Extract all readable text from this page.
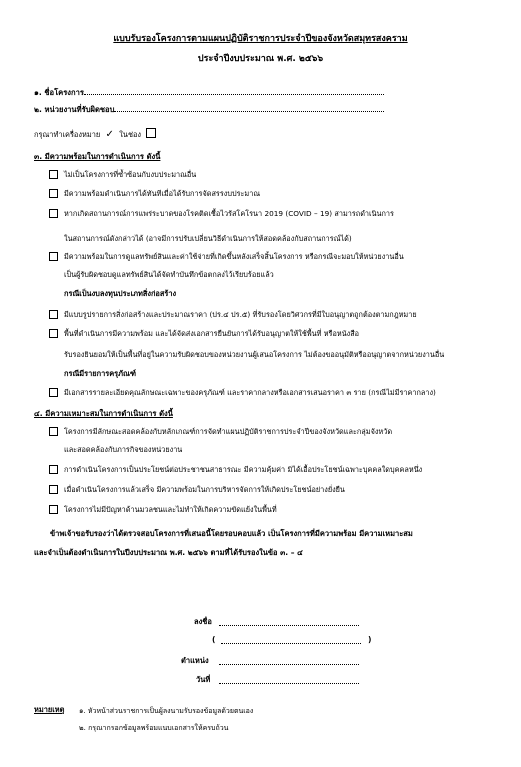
แบบรับรองโครงการตามแผนปฏิบัติราชการประจำปีของจังหวัดสมุทรสงคราม
ประจำปีงบประมาณ พ.ศ. ๒๕๖๖
๑. ชื่อโครงการ
๒. หน่วยงานที่รับผิดชอบ
กรุณาทำเครื่องหมาย ✓ ในช่อง
๓. มีความพร้อมในการดำเนินการ ดังนี้
ไม่เป็นโครงการที่ซ้ำซ้อนกับงบประมาณอื่น
มีความพร้อมดำเนินการได้ทันทีเมื่อได้รับการจัดสรรงบประมาณ
หากเกิดสถานการณ์การแพร่ระบาดของโรคติดเชื้อไวรัสโคโรนา 2019 (COVID – 19) สามารถดำเนินการ
ในสถานการณ์ดังกล่าวได้ (อาจมีการปรับเปลี่ยนวิธีดำเนินการให้สอดคล้องกับสถานการณ์ได้)
มีความพร้อมในการดูแลทรัพย์สินและค่าใช้จ่ายที่เกิดขึ้นหลังเสร็จสิ้นโครงการ หรือกรณีจะมอบให้หน่วยงานอื่น
เป็นผู้รับผิดชอบดูแลทรัพย์สินได้จัดทำบันทึกข้อตกลงไว้เรียบร้อยแล้ว
กรณีเป็นงบลงทุนประเภทสิ่งก่อสร้าง
มีแบบรูปรายการสิ่งก่อสร้างและประมาณราคา (ปร.๔ ปร.๕) ที่รับรองโดยวิศวกรที่มีใบอนุญาตถูกต้องตามกฎหมาย
พื้นที่ดำเนินการมีความพร้อม และได้จัดส่งเอกสารยืนยันการได้รับอนุญาตให้ใช้พื้นที่ หรือหนังสือ
รับรองยินยอมให้เป็นพื้นที่อยู่ในความรับผิดชอบของหน่วยงานผู้เสนอโครงการ ไม่ต้องขออนุมัติหรืออนุญาตจากหน่วยงานอื่น
กรณีมีรายการครุภัณฑ์
มีเอกสารรายละเอียดคุณลักษณะเฉพาะของครุภัณฑ์ และราคากลางหรือเอกสารเสนอราคา ๓ ราย (กรณีไม่มีราคากลาง)
๔. มีความเหมาะสมในการดำเนินการ ดังนี้
โครงการมีลักษณะสอดคล้องกับหลักเกณฑ์การจัดทำแผนปฏิบัติราชการประจำปีของจังหวัดและกลุ่มจังหวัด
และสอดคล้องกับภารกิจของหน่วยงาน
การดำเนินโครงการเป็นประโยชน์ต่อประชาชนสาธารณะ มีความคุ้มค่า มิได้เอื้อประโยชน์เฉพาะบุคคลใดบุคคลหนึ่ง
เมื่อดำเนินโครงการแล้วเสร็จ มีความพร้อมในการบริหารจัดการให้เกิดประโยชน์อย่างยั่งยืน
โครงการไม่มีปัญหาด้านมวลชนและไม่ทำให้เกิดความขัดแย้งในพื้นที่
ข้าพเจ้าขอรับรองว่าได้ตรวจสอบโครงการที่เสนอนี้โดยรอบคอบแล้ว เป็นโครงการที่มีความพร้อม มีความเหมาะสม
และจำเป็นต้องดำเนินการในปีงบประมาณ พ.ศ. ๒๕๖๖ ตามที่ได้รับรองในข้อ ๓. – ๔
ลงชื่อ
(	)
ตำแหน่ง
วันที่
หมายเหตุ ๑. หัวหน้าส่วนราชการเป็นผู้ลงนามรับรองข้อมูลด้วยตนเอง
๒. กรุณากรอกข้อมูลพร้อมแนบเอกสารให้ครบถ้วน
